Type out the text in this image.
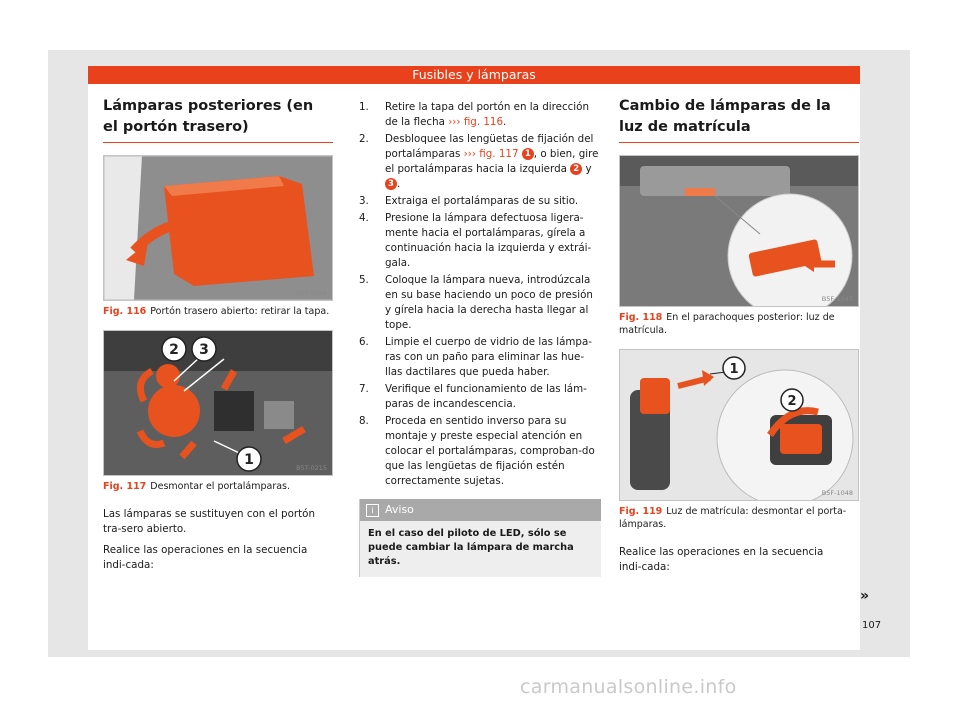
Fusibles y lámparas
Lámparas posteriores (en el portón trasero)
B5T-0266
Fig. 116 Portón trasero abierto: retirar la tapa.
2 3
1	B5T-0215
Fig. 117 Desmontar el portalámparas.

Las lámparas se sustituyen con el portón tra-sero abierto.

Realice las operaciones en la secuencia indi-cada:

1. Retire la tapa del portón en la dirección de la flecha ››› fig. 116.
2. Desbloquee las lengüetas de fijación del portalámparas ››› fig. 117 1 , o bien, gire el portalámparas hacia la izquierda 2 y 3 .
3. Extraiga el portalámparas de su sitio.
4. Presione la lámpara defectuosa ligera-mente hacia el portalámparas, gírela a continuación hacia la izquierda y extrái-gala.
5. Coloque la lámpara nueva, introdúzcala en su base haciendo un poco de presión y gírela hacia la derecha hasta llegar al tope.
6. Limpie el cuerpo de vidrio de las lámpa-ras con un paño para eliminar las hue-llas dactilares que pueda haber.
7. Verifique el funcionamiento de las lám-paras de incandescencia.
8. Proceda en sentido inverso para su montaje y preste especial atención en colocar el portalámparas, comproban-do que las lengüetas de fijación estén correctamente sujetas.
i Aviso
En el caso del piloto de LED, sólo se puede cambiar la lámpara de marcha atrás.
Cambio de lámparas de la luz de matrícula
B5F-1047
Fig. 118 En el parachoques posterior: luz de matrícula.
1
2
B5F-1048
Fig. 119 Luz de matrícula: desmontar el porta-lámparas.

Realice las operaciones en la secuencia indi-cada:

»
107
carmanualsonline.info
